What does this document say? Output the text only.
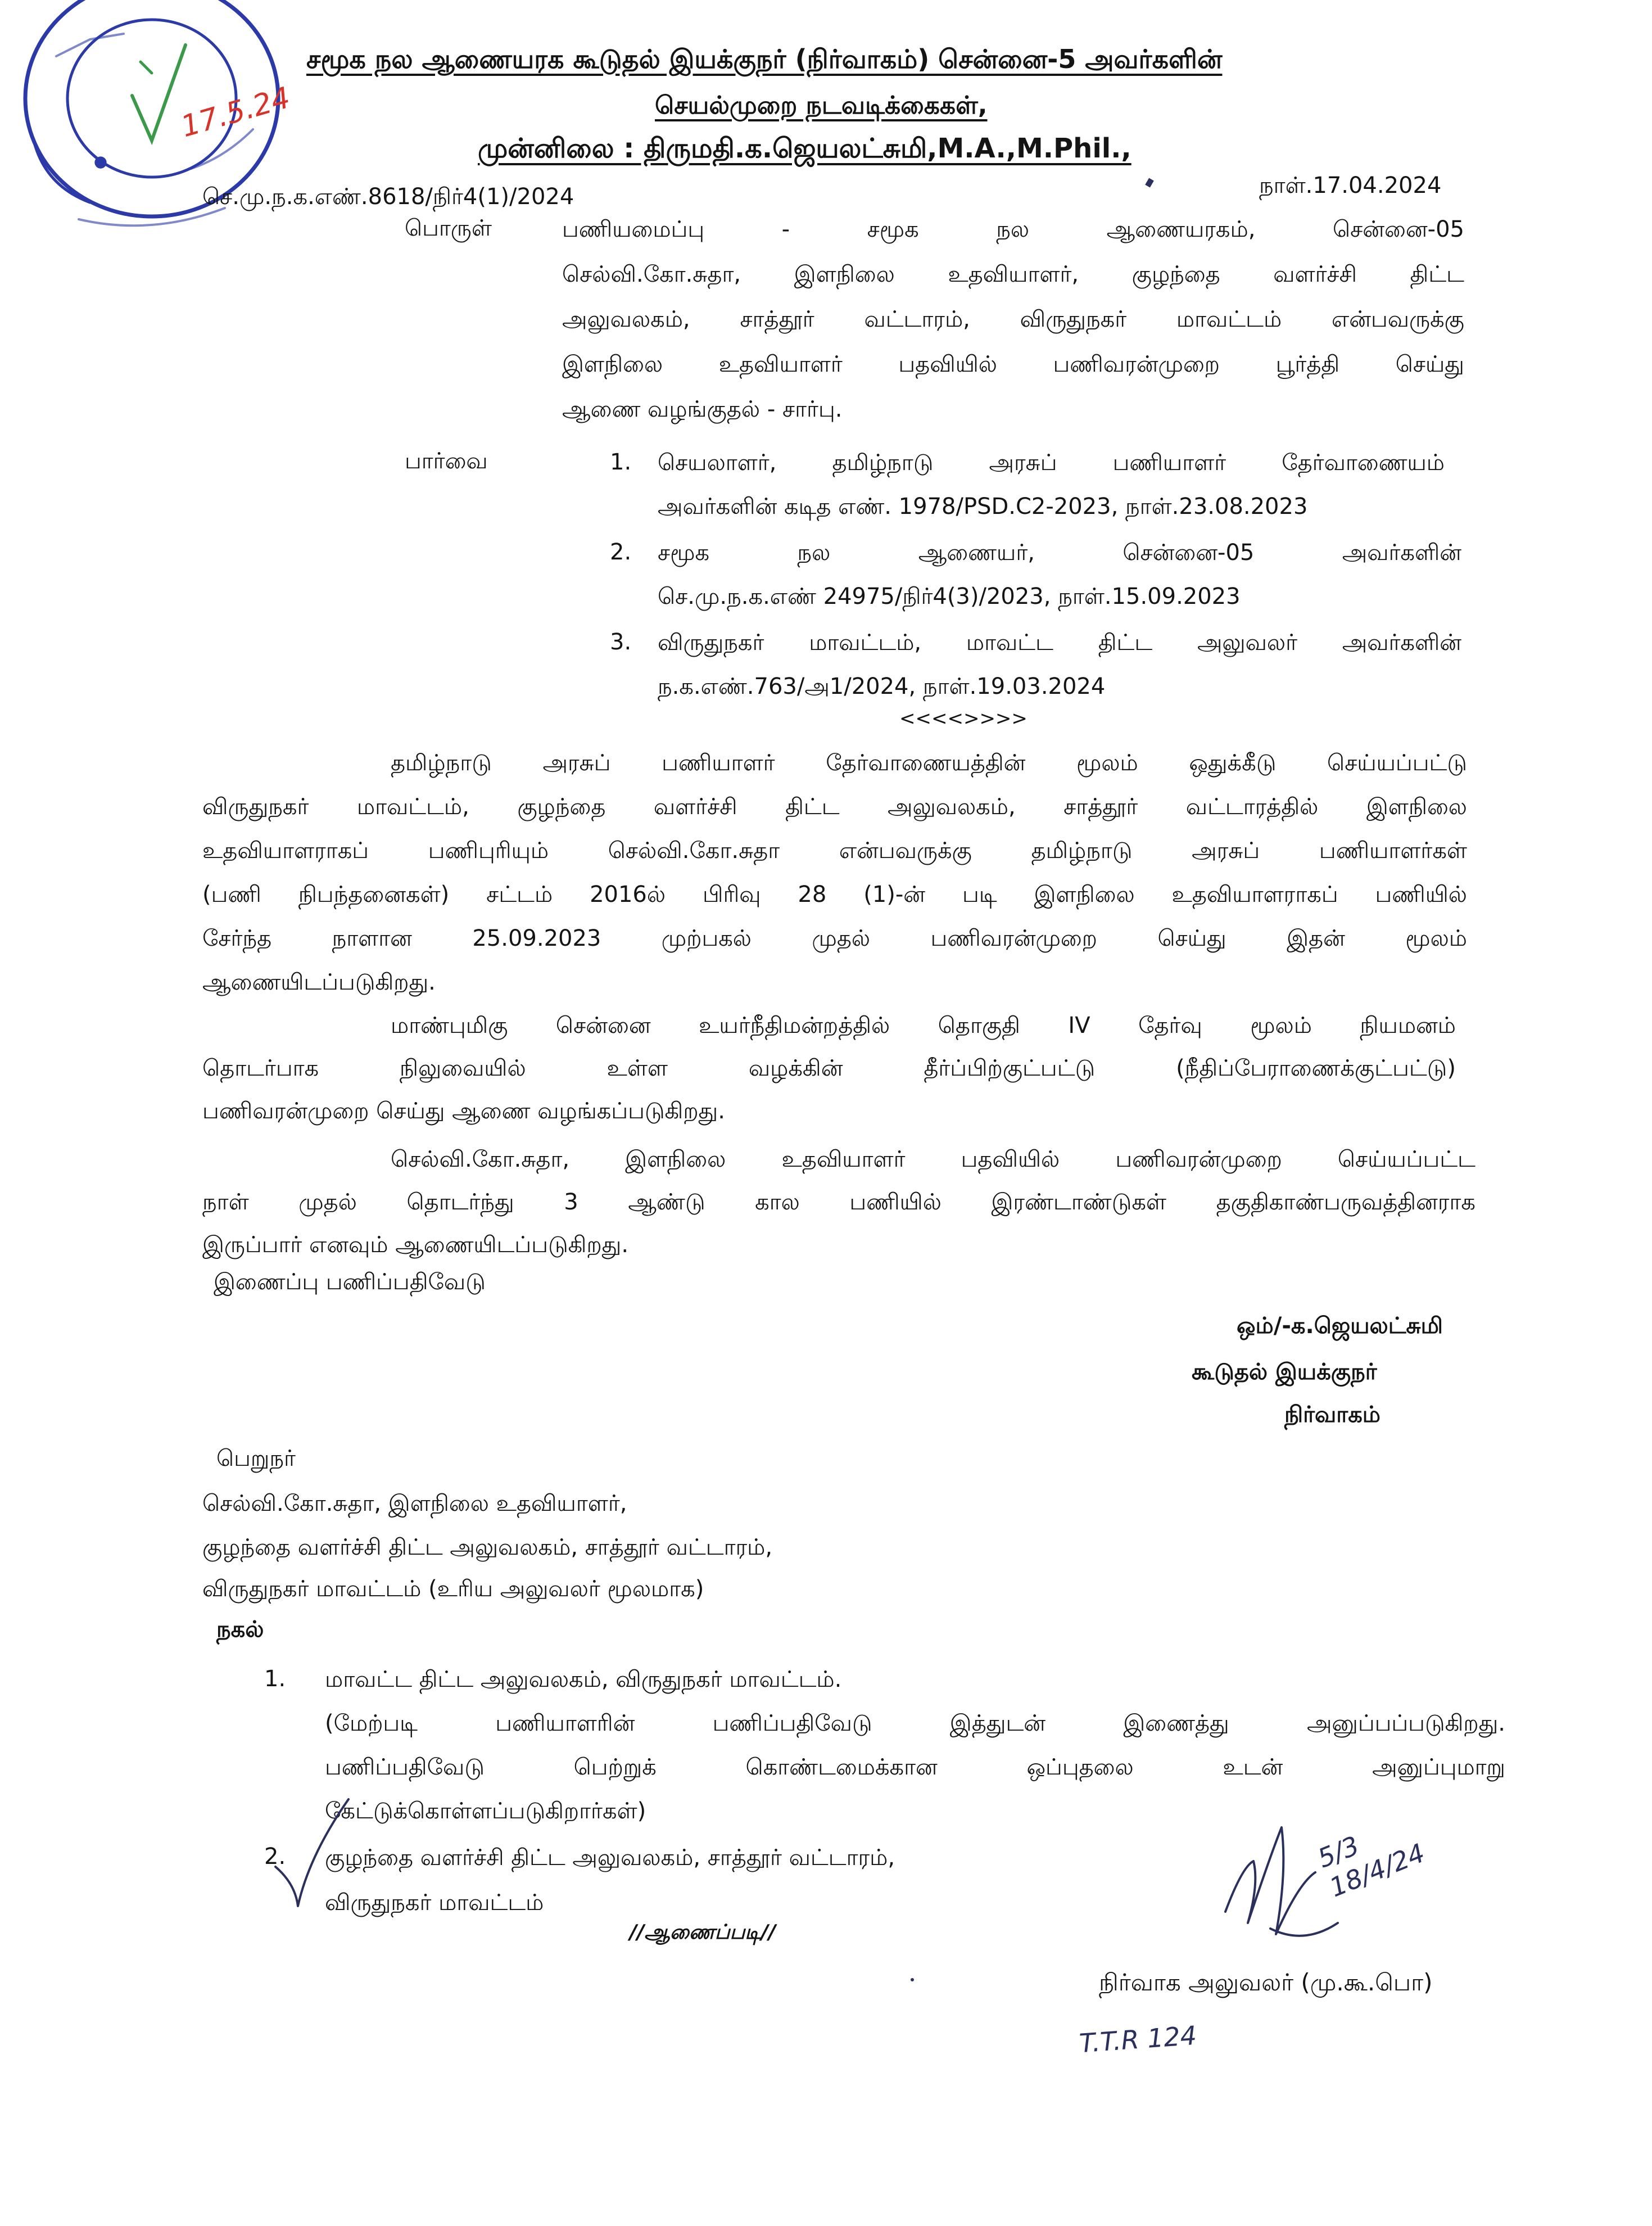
●
17.5.24
சமூக நல ஆணையரக கூடுதல் இயக்குநர் (நிர்வாகம்) சென்னை-5 அவர்களின்
செயல்முறை நடவடிக்கைகள்,
முன்னிலை : திருமதி.க.ஜெயலட்சுமி,M.A.,M.Phil.,
செ.மு.ந.க.எண்.8618/நிர்4(1)/2024	நாள்.17.04.2024
பொருள்	பணியமைப்பு - சமூக நல ஆணையரகம், சென்னை-05
செல்வி.கோ.சுதா, இளநிலை உதவியாளர், குழந்தை வளர்ச்சி திட்ட
அலுவலகம், சாத்தூர் வட்டாரம், விருதுநகர் மாவட்டம் என்பவருக்கு
இளநிலை உதவியாளர் பதவியில் பணிவரன்முறை பூர்த்தி செய்து
ஆணை வழங்குதல் - சார்பு.
பார்வை	1. செயலாளர், தமிழ்நாடு அரசுப் பணியாளர் தேர்வாணையம்
அவர்களின் கடித எண். 1978/PSD.C2-2023, நாள்.23.08.2023
2. சமூக நல ஆணையர், சென்னை-05 அவர்களின்
செ.மு.ந.க.எண் 24975/நிர்4(3)/2023, நாள்.15.09.2023
3. விருதுநகர் மாவட்டம், மாவட்ட திட்ட அலுவலர் அவர்களின்
ந.க.எண்.763/அ1/2024, நாள்.19.03.2024
<<<<>>>>
தமிழ்நாடு அரசுப் பணியாளர் தேர்வாணையத்தின் மூலம் ஒதுக்கீடு செய்யப்பட்டு
விருதுநகர் மாவட்டம், குழந்தை வளர்ச்சி திட்ட அலுவலகம், சாத்தூர் வட்டாரத்தில் இளநிலை
உதவியாளராகப் பணிபுரியும் செல்வி.கோ.சுதா என்பவருக்கு தமிழ்நாடு அரசுப் பணியாளர்கள்
(பணி நிபந்தனைகள்) சட்டம் 2016ல் பிரிவு 28 (1)-ன் படி இளநிலை உதவியாளராகப் பணியில்
சேர்ந்த நாளான 25.09.2023 முற்பகல் முதல் பணிவரன்முறை செய்து இதன் மூலம்
ஆணையிடப்படுகிறது.
மாண்புமிகு சென்னை உயர்நீதிமன்றத்தில் தொகுதி IV தேர்வு மூலம் நியமனம்
தொடர்பாக நிலுவையில் உள்ள வழக்கின் தீர்ப்பிற்குட்பட்டு (நீதிப்பேராணைக்குட்பட்டு)
பணிவரன்முறை செய்து ஆணை வழங்கப்படுகிறது.
செல்வி.கோ.சுதா, இளநிலை உதவியாளர் பதவியில் பணிவரன்முறை செய்யப்பட்ட
நாள் முதல் தொடர்ந்து 3 ஆண்டு கால பணியில் இரண்டாண்டுகள் தகுதிகாண்பருவத்தினராக
இருப்பார் எனவும் ஆணையிடப்படுகிறது.
இணைப்பு பணிப்பதிவேடு
ஒம்/-க.ஜெயலட்சுமி
கூடுதல் இயக்குநர்
நிர்வாகம்
பெறுநர்
செல்வி.கோ.சுதா, இளநிலை உதவியாளர்,
குழந்தை வளர்ச்சி திட்ட அலுவலகம், சாத்தூர் வட்டாரம்,
விருதுநகர் மாவட்டம் (உரிய அலுவலர் மூலமாக)
நகல்
1. மாவட்ட திட்ட அலுவலகம், விருதுநகர் மாவட்டம்.
(மேற்படி பணியாளரின் பணிப்பதிவேடு இத்துடன் இணைத்து அனுப்பப்படுகிறது.
பணிப்பதிவேடு பெற்றுக் கொண்டமைக்கான ஒப்புதலை உடன் அனுப்புமாறு
கேட்டுக்கொள்ளப்படுகிறார்கள்)
2. குழந்தை வளர்ச்சி திட்ட அலுவலகம், சாத்தூர் வட்டாரம்,
விருதுநகர் மாவட்டம்
//ஆணைப்படி//
5/3 18/4/24
நிர்வாக அலுவலர் (மு.கூ.பொ)
T.T.R 124
